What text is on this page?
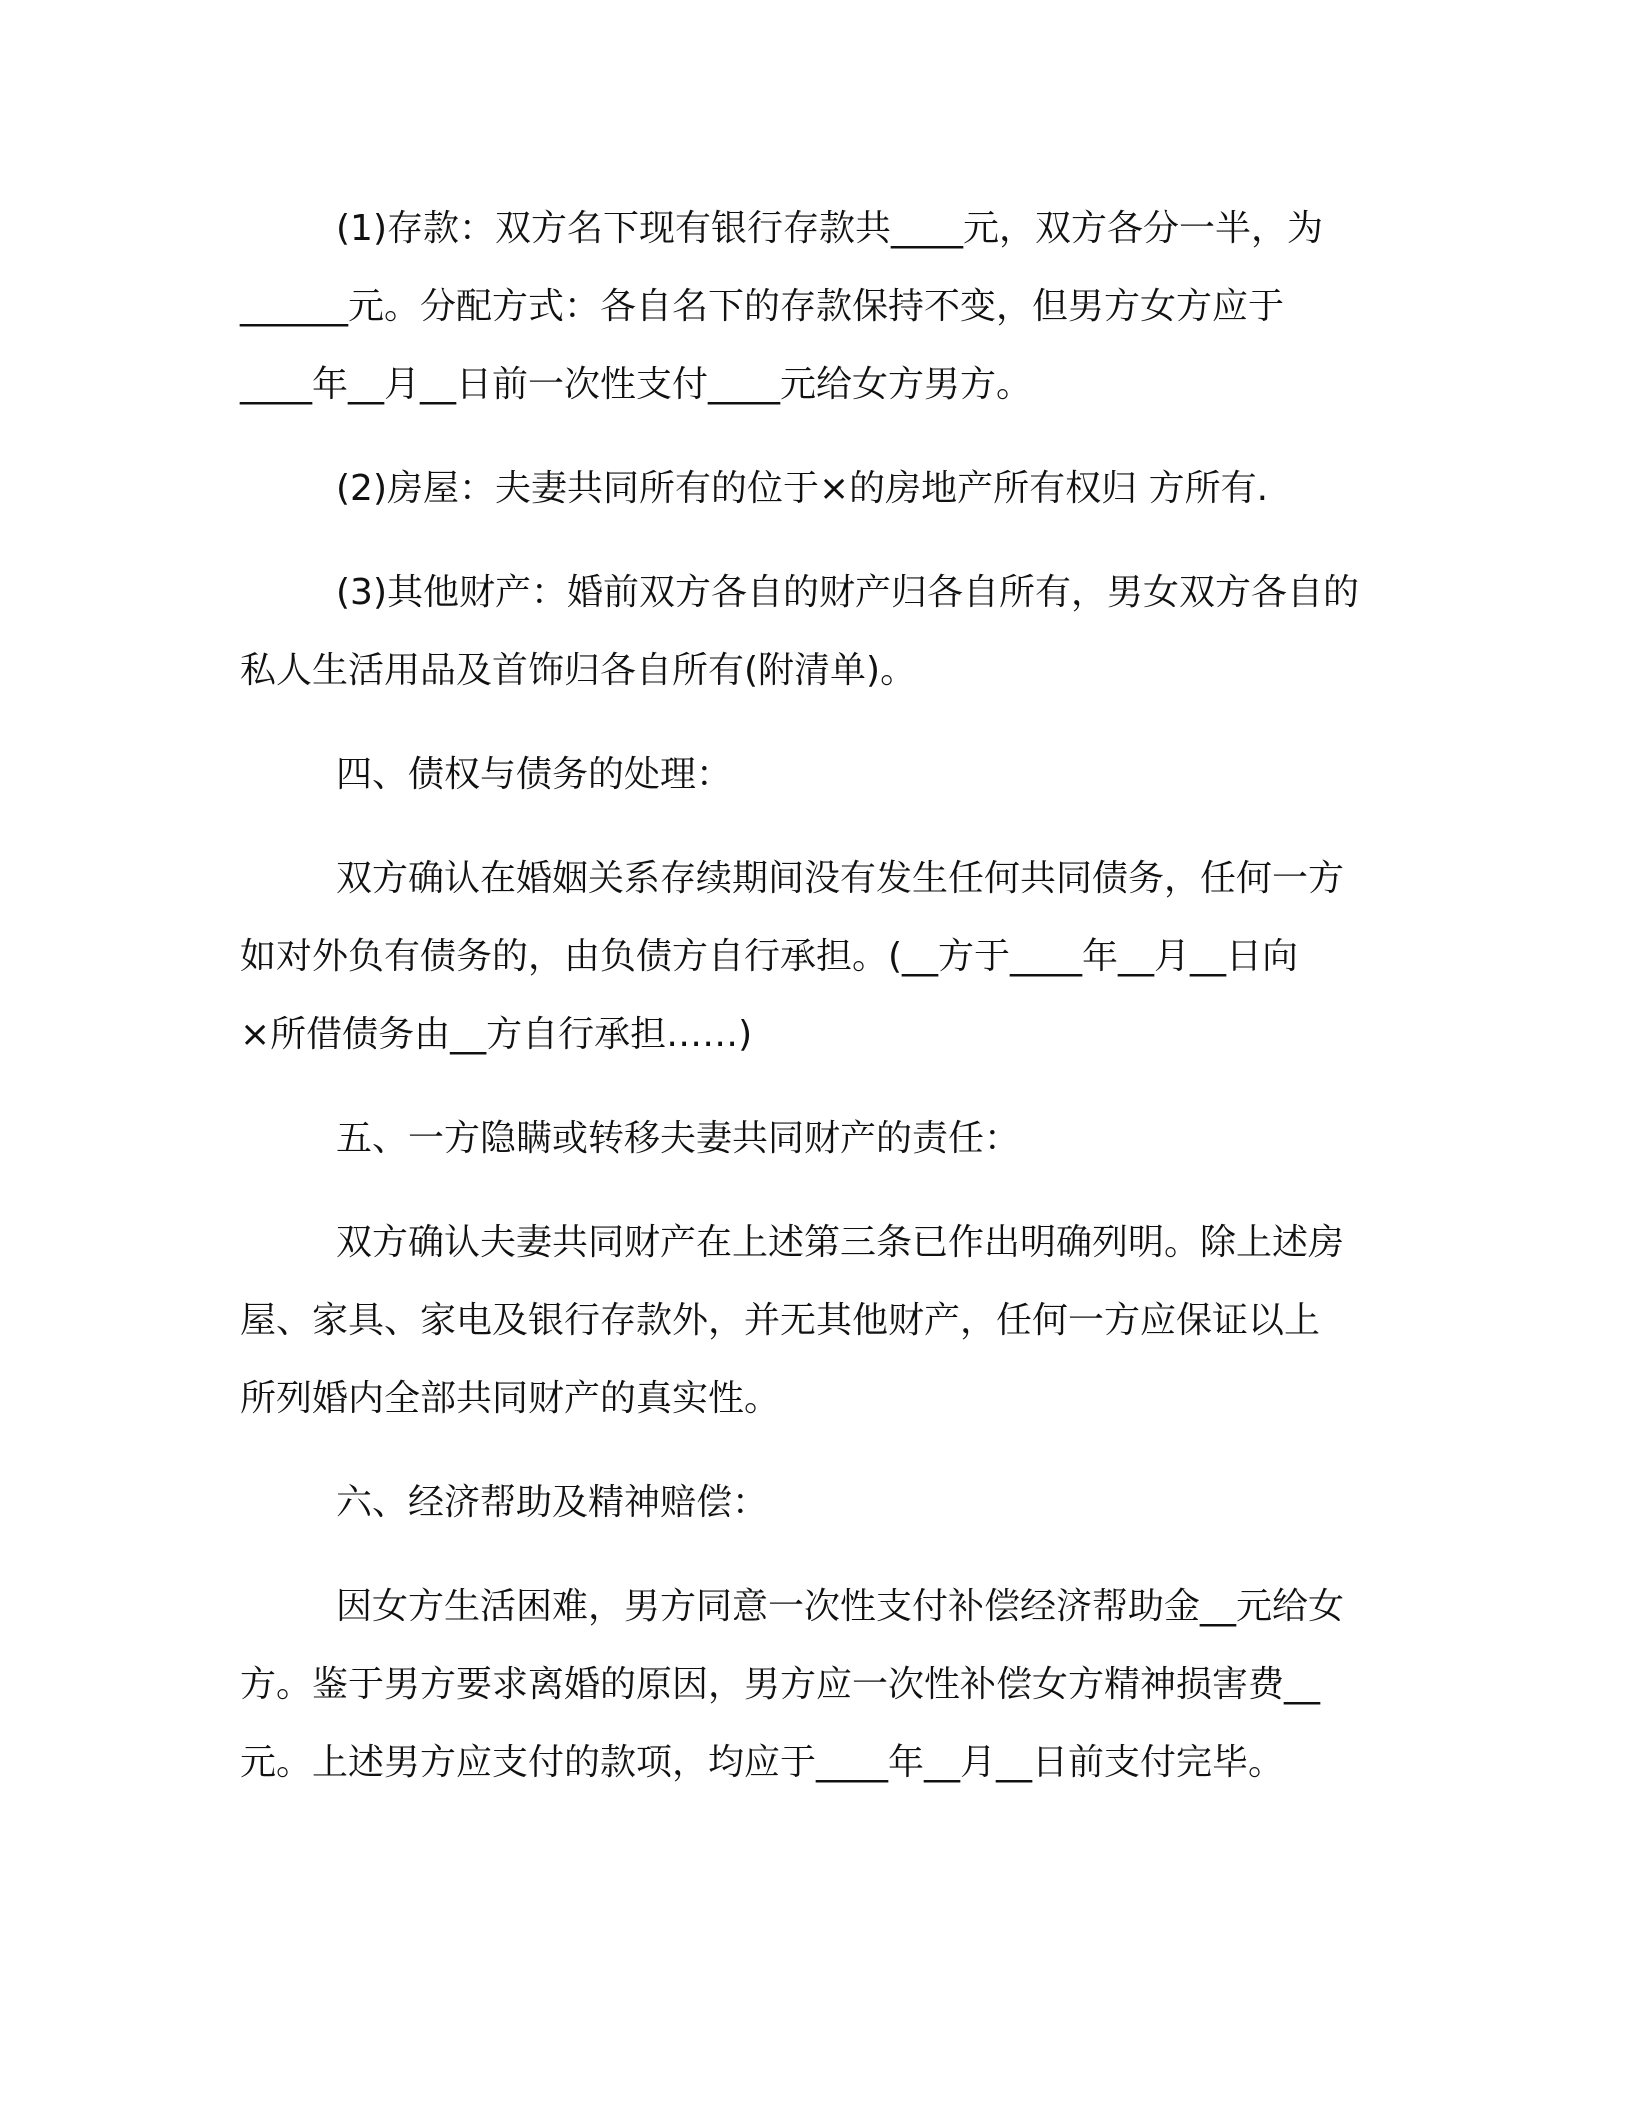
(1)存款：双方名下现有银行存款共____元，双方各分一半，为
______元。分配方式：各自名下的存款保持不变，但男方女方应于
____年__月__日前一次性支付____元给女方男方。

(2)房屋：夫妻共同所有的位于×的房地产所有权归 方所有.

(3)其他财产：婚前双方各自的财产归各自所有，男女双方各自的
私人生活用品及首饰归各自所有(附清单)。

四、债权与债务的处理：

双方确认在婚姻关系存续期间没有发生任何共同债务，任何一方
如对外负有债务的，由负债方自行承担。(__方于____年__月__日向
×所借债务由__方自行承担……)

五、一方隐瞒或转移夫妻共同财产的责任：

双方确认夫妻共同财产在上述第三条已作出明确列明。除上述房
屋、家具、家电及银行存款外，并无其他财产，任何一方应保证以上
所列婚内全部共同财产的真实性。

六、经济帮助及精神赔偿：

因女方生活困难，男方同意一次性支付补偿经济帮助金__元给女
方。鉴于男方要求离婚的原因，男方应一次性补偿女方精神损害费__
元。上述男方应支付的款项，均应于____年__月__日前支付完毕。
